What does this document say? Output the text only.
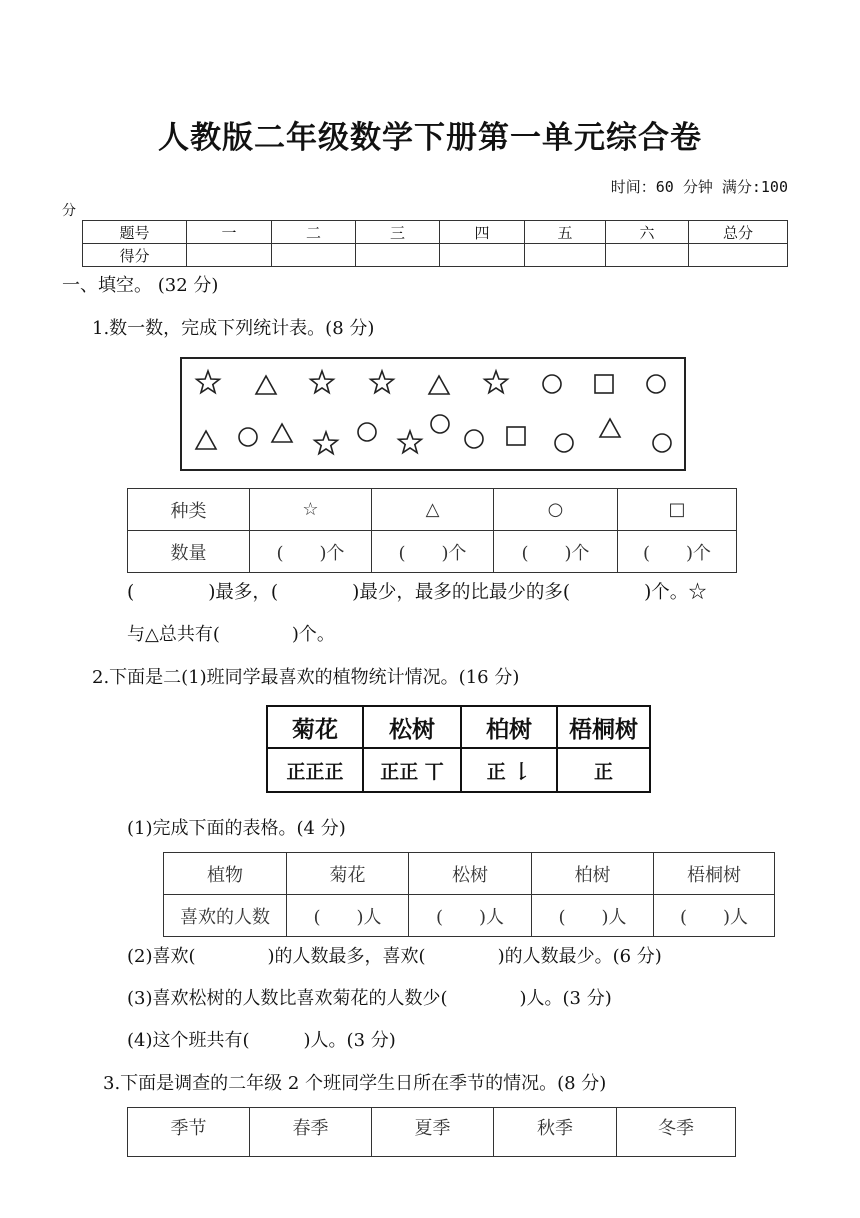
人教版二年级数学下册第一单元综合卷
时间：60 分钟 满分:100
分
题号	一	二	三	四	五	六	总分
得分							
一、填空。 (32 分)
1.数一数，完成下列统计表。(8 分)
种类	☆	△	○	□
数量	(　　)个	(　　)个	(　　)个	(　　)个
(　　　　)最多，(　　　　)最少，最多的比最少的多(　　　　)个。☆
与△总共有(　　　　)个。
2.下面是二(1)班同学最喜欢的植物统计情况。(16 分)
菊花	松树	柏树	梧桐树
正正正	正正 丅	正 𠄌	正
(1)完成下面的表格。(4 分)
植物	菊花	松树	柏树	梧桐树
喜欢的人数	(　　)人	(　　)人	(　　)人	(　　)人
(2)喜欢(　　　　)的人数最多，喜欢(　　　　)的人数最少。(6 分)
(3)喜欢松树的人数比喜欢菊花的人数少(　　　　)人。(3 分)
(4)这个班共有(　　　)人。(3 分)
3.下面是调查的二年级 2 个班同学生日所在季节的情况。(8 分)
季节	春季	夏季	秋季	冬季
